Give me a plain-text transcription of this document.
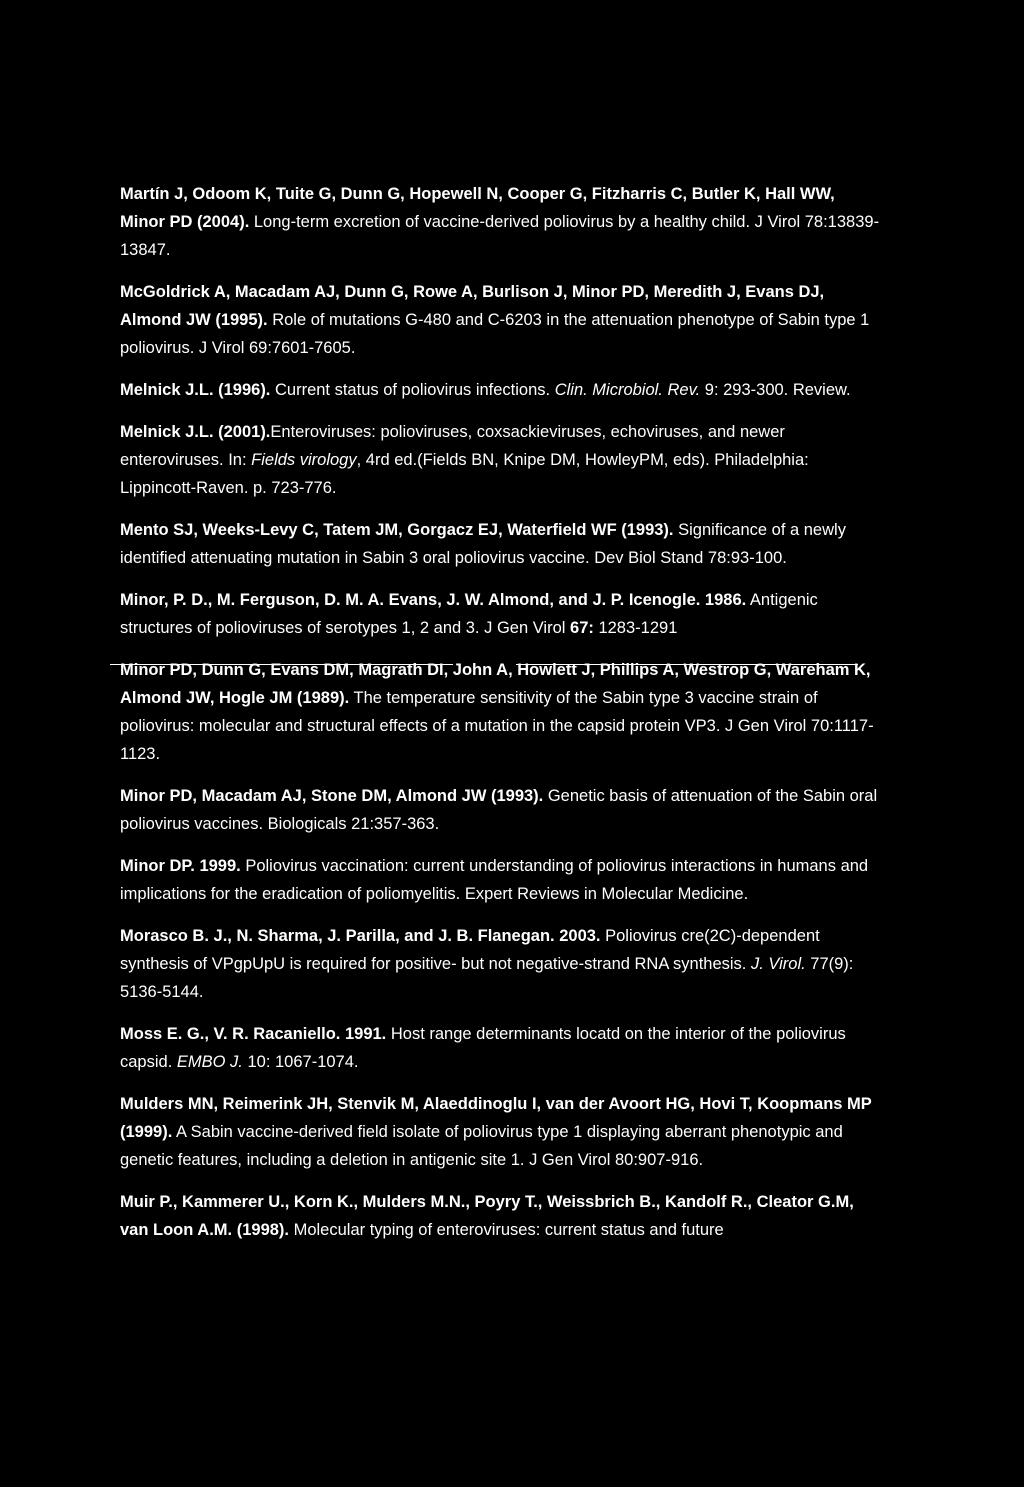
Martín J, Odoom K, Tuite G, Dunn G, Hopewell N, Cooper G, Fitzharris C, Butler K, Hall WW, Minor PD (2004). Long-term excretion of vaccine-derived poliovirus by a healthy child. J Virol 78:13839-13847.

McGoldrick A, Macadam AJ, Dunn G, Rowe A, Burlison J, Minor PD, Meredith J, Evans DJ, Almond JW (1995). Role of mutations G-480 and C-6203 in the attenuation phenotype of Sabin type 1 poliovirus. J Virol 69:7601-7605.

Melnick J.L. (1996). Current status of poliovirus infections. Clin. Microbiol. Rev. 9: 293-300. Review.

Melnick J.L. (2001).Enteroviruses: polioviruses, coxsackieviruses, echoviruses, and newer enteroviruses. In: Fields virology, 4rd ed.(Fields BN, Knipe DM, HowleyPM, eds). Philadelphia: Lippincott-Raven. p. 723-776.

Mento SJ, Weeks-Levy C, Tatem JM, Gorgacz EJ, Waterfield WF (1993). Significance of a newly identified attenuating mutation in Sabin 3 oral poliovirus vaccine. Dev Biol Stand 78:93-100.

Minor, P. D., M. Ferguson, D. M. A. Evans, J. W. Almond, and J. P. Icenogle. 1986. Antigenic structures of polioviruses of serotypes 1, 2 and 3. J Gen Virol 67: 1283-1291

Minor PD, Dunn G, Evans DM, Magrath DI, John A, Howlett J, Phillips A, Westrop G, Wareham K, Almond JW, Hogle JM (1989). The temperature sensitivity of the Sabin type 3 vaccine strain of poliovirus: molecular and structural effects of a mutation in the capsid protein VP3. J Gen Virol 70:1117-1123.

Minor PD, Macadam AJ, Stone DM, Almond JW (1993). Genetic basis of attenuation of the Sabin oral poliovirus vaccines. Biologicals 21:357-363.

Minor DP. 1999. Poliovirus vaccination: current understanding of poliovirus interactions in humans and implications for the eradication of poliomyelitis. Expert Reviews in Molecular Medicine.

Morasco B. J., N. Sharma, J. Parilla, and J. B. Flanegan. 2003. Poliovirus cre(2C)-dependent synthesis of VPgpUpU is required for positive- but not negative-strand RNA synthesis. J. Virol. 77(9): 5136-5144.

Moss E. G., V. R. Racaniello. 1991. Host range determinants locatd on the interior of the poliovirus capsid. EMBO J. 10: 1067-1074.

Mulders MN, Reimerink JH, Stenvik M, Alaeddinoglu I, van der Avoort HG, Hovi T, Koopmans MP (1999). A Sabin vaccine-derived field isolate of poliovirus type 1 displaying aberrant phenotypic and genetic features, including a deletion in antigenic site 1. J Gen Virol 80:907-916.

Muir P., Kammerer U., Korn K., Mulders M.N., Poyry T., Weissbrich B., Kandolf R., Cleator G.M, van Loon A.M. (1998). Molecular typing of enteroviruses: current status and future
